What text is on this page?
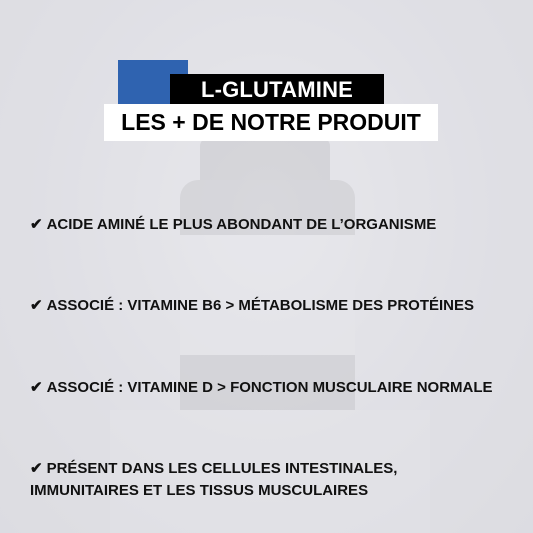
L-GLUTAMINE
LES + DE NOTRE PRODUIT
✔ ACIDE AMINÉ LE PLUS ABONDANT DE L’ORGANISME
✔ ASSOCIÉ : VITAMINE B6 > MÉTABOLISME DES PROTÉINES
✔ ASSOCIÉ : VITAMINE D > FONCTION MUSCULAIRE NORMALE
✔ PRÉSENT DANS LES CELLULES INTESTINALES, IMMUNITAIRES ET LES TISSUS MUSCULAIRES
